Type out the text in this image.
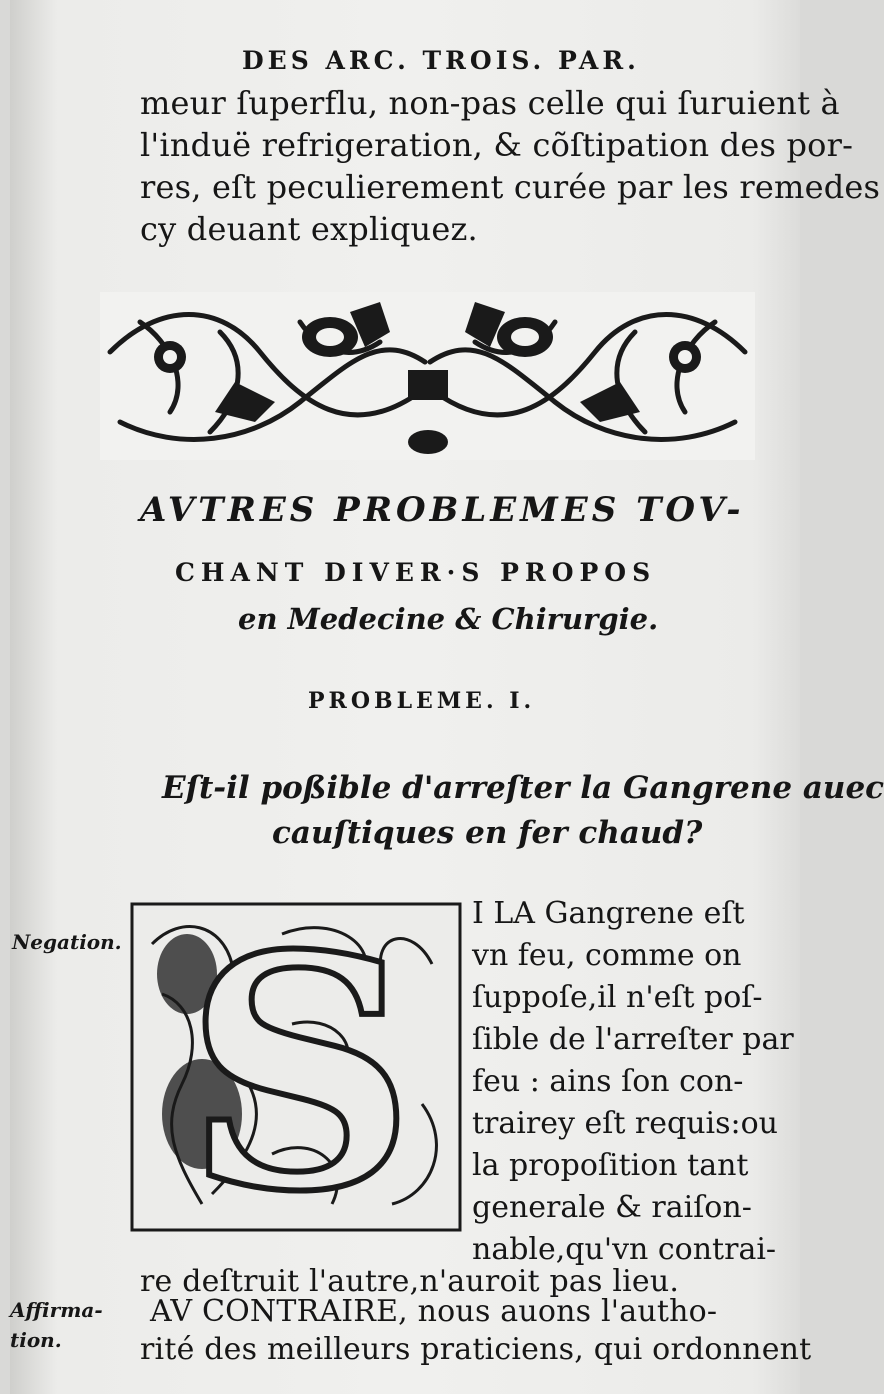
DES ARC. TROIS. PAR.
meur ſuperflu, non-pas celle qui ſuruient à
l'induë refrigeration, & cõſtipation des por-
res, eſt peculierement curée par les remedes
cy deuant expliquez.
AVTRES PROBLEMES TOV-
CHANT DIVER·S PROPOS
en Medecine & Chirurgie.
PROBLEME. I.
Eſt-il poßible d'arreſter la Gangrene auec
cauſtiques en fer chaud?
S
Negation.
I LA Gangrene eſt
vn feu, comme on
ſuppoſe,il n'eſt poſ-
ſible de l'arreſter par
feu : ains ſon con-
trairey eſt requis:ou
la propoſition tant
generale & raiſon-
nable,qu'vn contrai-
re deſtruit l'autre,n'auroit pas lieu.
Affirma-
tion.
AV CONTRAIRE, nous auons l'autho-
rité des meilleurs praticiens, qui ordonnent
